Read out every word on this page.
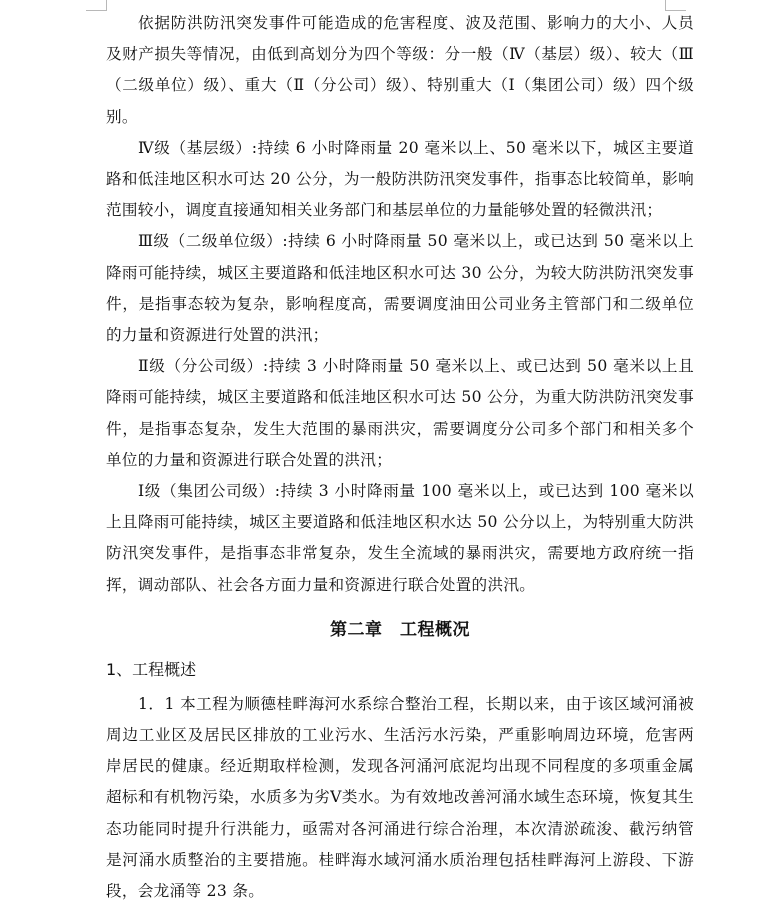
依据防洪防汛突发事件可能造成的危害程度、波及范围、影响力的大小、人员及财产损失等情况，由低到高划分为四个等级：分一般（Ⅳ（基层）级）、较大（Ⅲ（二级单位）级）、重大（Ⅱ（分公司）级）、特别重大（Ⅰ（集团公司）级）四个级别。

Ⅳ级（基层级）:持续 6 小时降雨量 20 毫米以上、50 毫米以下，城区主要道路和低洼地区积水可达 20 公分，为一般防洪防汛突发事件，指事态比较简单，影响范围较小，调度直接通知相关业务部门和基层单位的力量能够处置的轻微洪汛；

Ⅲ级（二级单位级）:持续 6 小时降雨量 50 毫米以上，或已达到 50 毫米以上降雨可能持续，城区主要道路和低洼地区积水可达 30 公分，为较大防洪防汛突发事件，是指事态较为复杂，影响程度高，需要调度油田公司业务主管部门和二级单位的力量和资源进行处置的洪汛；

Ⅱ级（分公司级）:持续 3 小时降雨量 50 毫米以上、或已达到 50 毫米以上且降雨可能持续，城区主要道路和低洼地区积水可达 50 公分，为重大防洪防汛突发事件，是指事态复杂，发生大范围的暴雨洪灾，需要调度分公司多个部门和相关多个单位的力量和资源进行联合处置的洪汛；

Ⅰ级（集团公司级）:持续 3 小时降雨量 100 毫米以上，或已达到 100 毫米以上且降雨可能持续，城区主要道路和低洼地区积水达 50 公分以上，为特别重大防洪防汛突发事件，是指事态非常复杂，发生全流域的暴雨洪灾，需要地方政府统一指挥，调动部队、社会各方面力量和资源进行联合处置的洪汛。

第二章　工程概况
1、工程概述

1．1 本工程为顺德桂畔海河水系综合整治工程，长期以来，由于该区域河涌被周边工业区及居民区排放的工业污水、生活污水污染，严重影响周边环境，危害两岸居民的健康。经近期取样检测，发现各河涌河底泥均出现不同程度的多项重金属超标和有机物污染，水质多为劣Ⅴ类水。为有效地改善河涌水域生态环境，恢复其生态功能同时提升行洪能力，亟需对各河涌进行综合治理，本次清淤疏浚、截污纳管是河涌水质整治的主要措施。桂畔海水域河涌水质治理包括桂畔海河上游段、下游段，会龙涌等 23 条。
